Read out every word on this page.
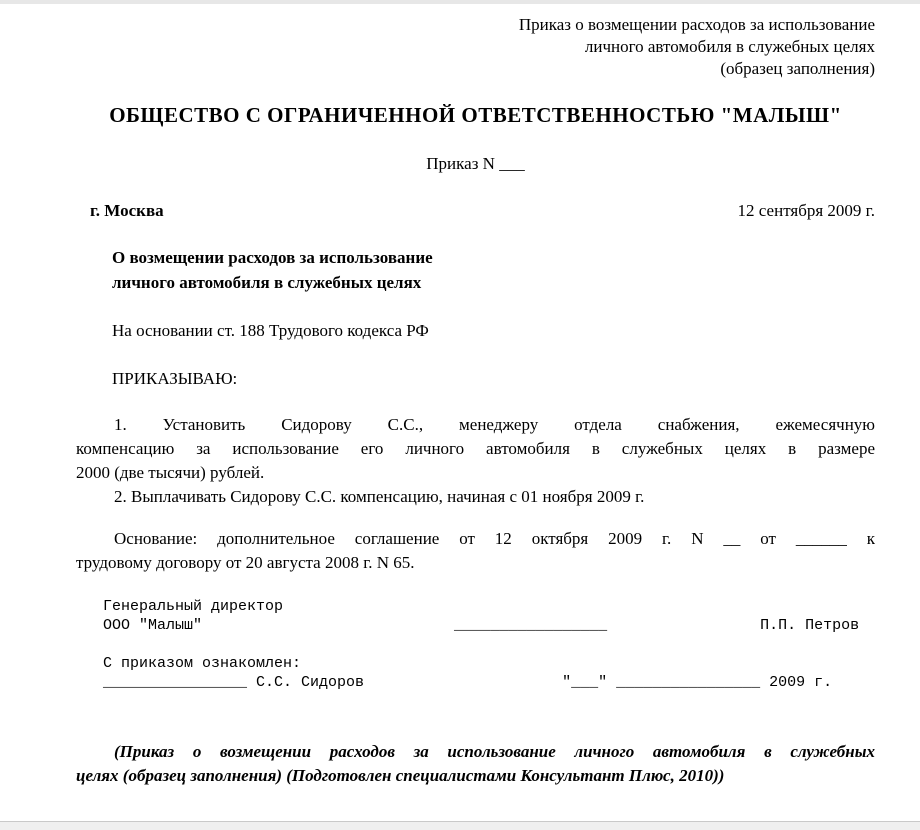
Приказ о возмещении расходов за использование
личного автомобиля в служебных целях
(образец заполнения)
ОБЩЕСТВО С ОГРАНИЧЕННОЙ ОТВЕТСТВЕННОСТЬЮ "МАЛЫШ"
Приказ N ___
г. Москва	12 сентября 2009 г.
О возмещении расходов за использование
личного автомобиля в служебных целях
На основании ст. 188 Трудового кодекса РФ
ПРИКАЗЫВАЮ:
1. Установить Сидорову С.С., менеджеру отдела снабжения, ежемесячную
компенсацию за использование его личного автомобиля в служебных целях в размере
2000 (две тысячи) рублей.
2. Выплачивать Сидорову С.С. компенсацию, начиная с 01 ноября 2009 г.
Основание: дополнительное соглашение от 12 октября 2009 г. N __ от ______ к
трудовому договору от 20 августа 2008 г. N 65.
Генеральный директор
ООО "Малыш"                            _________________                 П.П. Петров
С приказом ознакомлен:
________________ С.С. Сидоров                      "___" ________________ 2009 г.
(Приказ о возмещении расходов за использование личного автомобиля в служебных
целях (образец заполнения) (Подготовлен специалистами Консультант Плюс, 2010))
